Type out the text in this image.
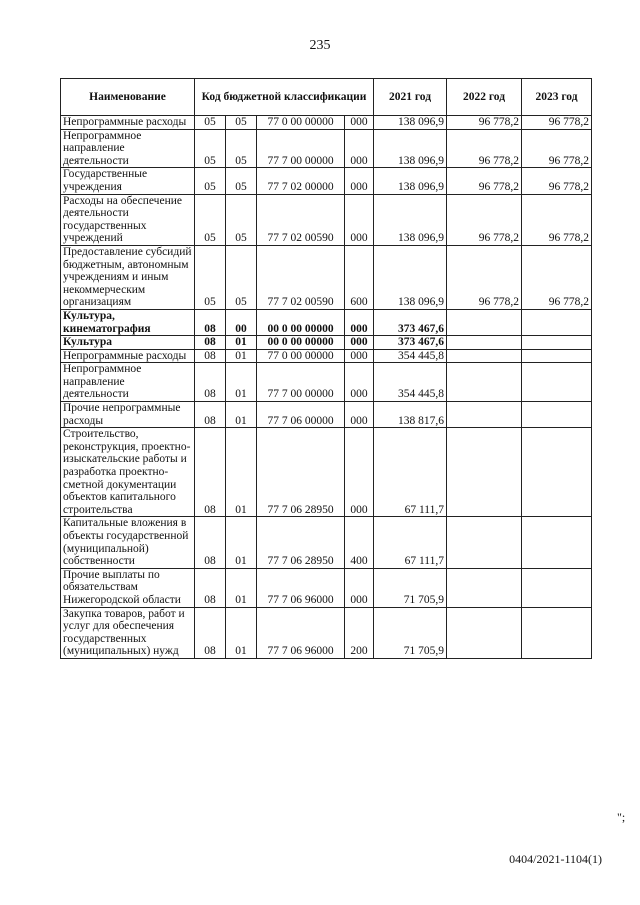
235
Наименование	Код бюджетной классификации				2021 год	2022 год	2023 год
Непрограммные расходы	05	05	77 0 00 00000	000	138 096,9	96 778,2	96 778,2
Непрограммное направление деятельности	05	05	77 7 00 00000	000	138 096,9	96 778,2	96 778,2
Государственные учреждения	05	05	77 7 02 00000	000	138 096,9	96 778,2	96 778,2
Расходы на обеспечение деятельности государственных учреждений	05	05	77 7 02 00590	000	138 096,9	96 778,2	96 778,2
Предоставление субсидий бюджетным, автономным учреждениям и иным некоммерческим организациям	05	05	77 7 02 00590	600	138 096,9	96 778,2	96 778,2
Культура, кинематография	08	00	00 0 00 00000	000	373 467,6		
Культура	08	01	00 0 00 00000	000	373 467,6		
Непрограммные расходы	08	01	77 0 00 00000	000	354 445,8		
Непрограммное направление деятельности	08	01	77 7 00 00000	000	354 445,8		
Прочие непрограммные расходы	08	01	77 7 06 00000	000	138 817,6		
Строительство, реконструкция, проектно-изыскательские работы и разработка проектно-сметной документации объектов капитального строительства	08	01	77 7 06 28950	000	67 111,7		
Капитальные вложения в объекты государственной (муниципальной) собственности	08	01	77 7 06 28950	400	67 111,7		
Прочие выплаты по обязательствам Нижегородской области	08	01	77 7 06 96000	000	71 705,9		
Закупка товаров, работ и услуг для обеспечения государственных (муниципальных) нужд	08	01	77 7 06 96000	200	71 705,9		
";
0404/2021-1104(1)
